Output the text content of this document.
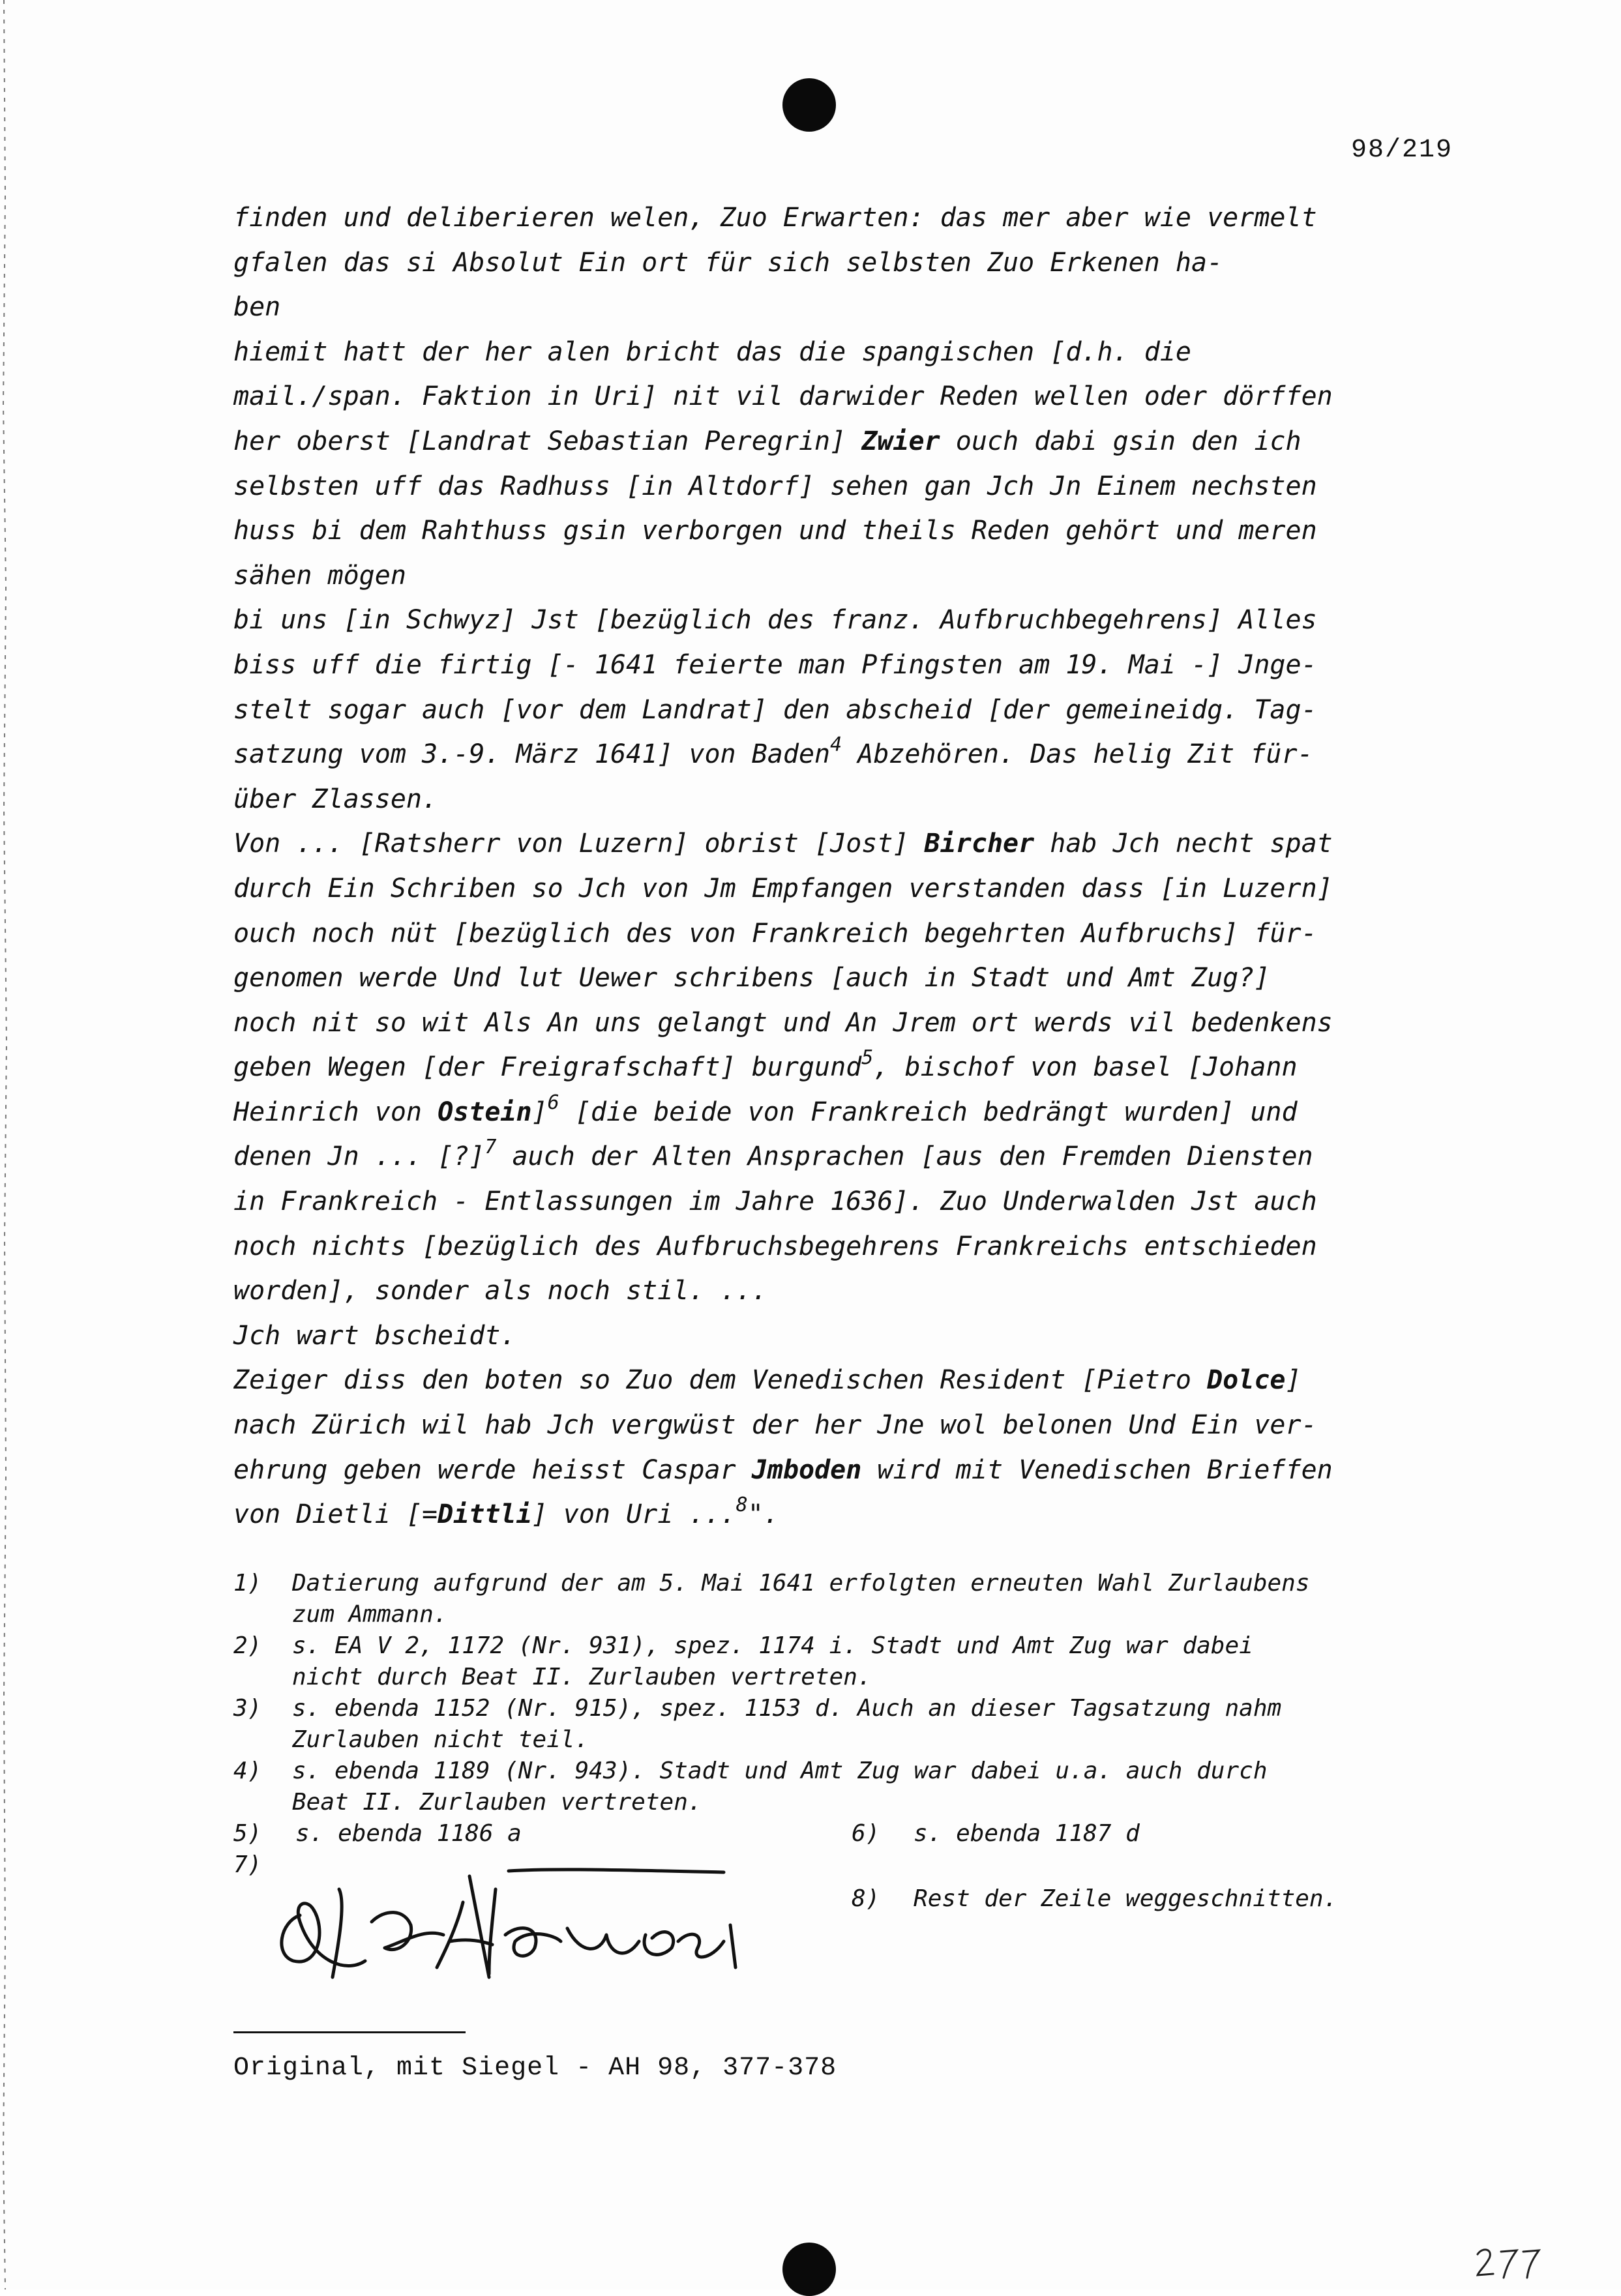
98/219
finden und deliberieren welen, Zuo Erwarten: das mer aber wie vermelt
gfalen das si Absolut Ein ort für sich selbsten Zuo Erkenen ha-
ben
hiemit hatt der her alen bricht das die spangischen [d.h. die
mail./span. Faktion in Uri] nit vil darwider Reden wellen oder dörffen
her oberst [Landrat Sebastian Peregrin] Zwier ouch dabi gsin den ich
selbsten uff das Radhuss [in Altdorf] sehen gan Jch Jn Einem nechsten
huss bi dem Rahthuss gsin verborgen und theils Reden gehört und meren
sähen mögen
bi uns [in Schwyz] Jst [bezüglich des franz. Aufbruchbegehrens] Alles
biss uff die firtig [- 1641 feierte man Pfingsten am 19. Mai -] Jnge-
stelt sogar auch [vor dem Landrat] den abscheid [der gemeineidg. Tag-
satzung vom 3.-9. März 1641] von Baden$^4$ Abzehören. Das helig Zit für-
über Zlassen.
Von ... [Ratsherr von Luzern] obrist [Jost] Bircher hab Jch necht spat
durch Ein Schriben so Jch von Jm Empfangen verstanden dass [in Luzern]
ouch noch nüt [bezüglich des von Frankreich begehrten Aufbruchs] für-
genomen werde Und lut Uewer schribens [auch in Stadt und Amt Zug?]
noch nit so wit Als An uns gelangt und An Jrem ort werds vil bedenkens
geben Wegen [der Freigrafschaft] burgund$^5$, bischof von basel [Johann
Heinrich von Ostein]$^6$ [die beide von Frankreich bedrängt wurden] und
denen Jn ... [?]$^7$ auch der Alten Ansprachen [aus den Fremden Diensten
in Frankreich - Entlassungen im Jahre 1636]. Zuo Underwalden Jst auch
noch nichts [bezüglich des Aufbruchsbegehrens Frankreichs entschieden
worden], sonder als noch stil. ...
Jch wart bscheidt.
Zeiger diss den boten so Zuo dem Venedischen Resident [Pietro Dolce]
nach Zürich wil hab Jch vergwüst der her Jne wol belonen Und Ein ver-
ehrung geben werde heisst Caspar Jmboden wird mit Venedischen Brieffen
von Dietli [=Dittli] von Uri ...$^8$".
1) Datierung aufgrund der am 5. Mai 1641 erfolgten erneuten Wahl Zurlaubens
zum Ammann.
2) s. EA V 2, 1172 (Nr. 931), spez. 1174 i. Stadt und Amt Zug war dabei
nicht durch Beat II. Zurlauben vertreten.
3) s. ebenda 1152 (Nr. 915), spez. 1153 d. Auch an dieser Tagsatzung nahm
Zurlauben nicht teil.
4) s. ebenda 1189 (Nr. 943). Stadt und Amt Zug war dabei u.a. auch durch
Beat II. Zurlauben vertreten.
5) s. ebenda 1186 a	6) s. ebenda 1187 d
7)
8) Rest der Zeile weggeschnitten.
Original, mit Siegel - AH 98, 377-378
